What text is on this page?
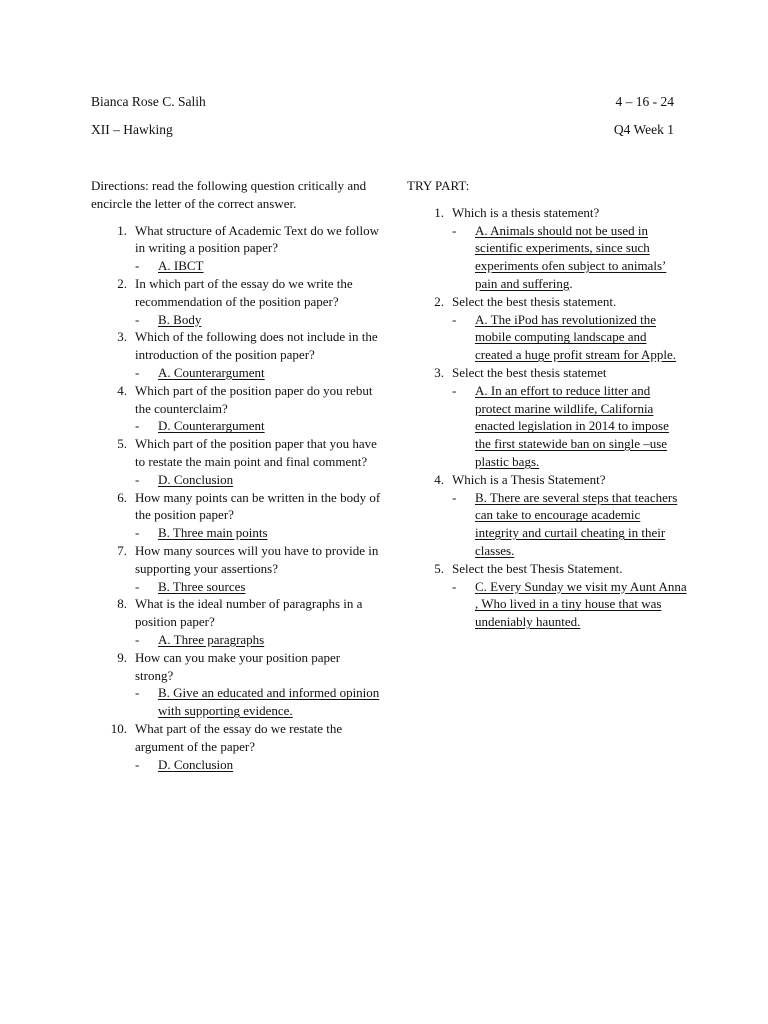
Bianca Rose C. Salih	4 – 16 - 24
XII – Hawking	Q4 Week 1

Directions: read the following question critically and encircle the letter of the correct answer.

1. What structure of Academic Text do we follow in writing a position paper?
- A. IBCT
2. In which part of the essay do we write the recommendation of the position paper?
- B. Body
3. Which of the following does not include in the introduction of the position paper?
- A. Counterargument
4. Which part of the position paper do you rebut the counterclaim?
- D. Counterargument
5. Which part of the position paper that you have to restate the main point and final comment?
- D. Conclusion
6. How many points can be written in the body of the position paper?
- B. Three main points
7. How many sources will you have to provide in supporting your assertions?
- B. Three sources
8. What is the ideal number of paragraphs in a position paper?
- A. Three paragraphs
9. How can you make your position paper strong?
- B. Give an educated and informed opinion with supporting evidence.
10. What part of the essay do we restate the argument of the paper?
- D. Conclusion

TRY PART:

1. Which is a thesis statement?
- A. Animals should not be used in scientific experiments, since such experiments ofen subject to animals’ pain and suffering.
2. Select the best thesis statement.
- A. The iPod has revolutionized the mobile computing landscape and created a huge profit stream for Apple.
3. Select the best thesis statemet
- A. In an effort to reduce litter and protect marine wildlife, California enacted legislation in 2014 to impose the first statewide ban on single –use plastic bags.
4. Which is a Thesis Statement?
- B. There are several steps that teachers can take to encourage academic integrity and curtail cheating in their classes.
5. Select the best Thesis Statement.
- C. Every Sunday we visit my Aunt Anna , Who lived in a tiny house that was undeniably haunted.
